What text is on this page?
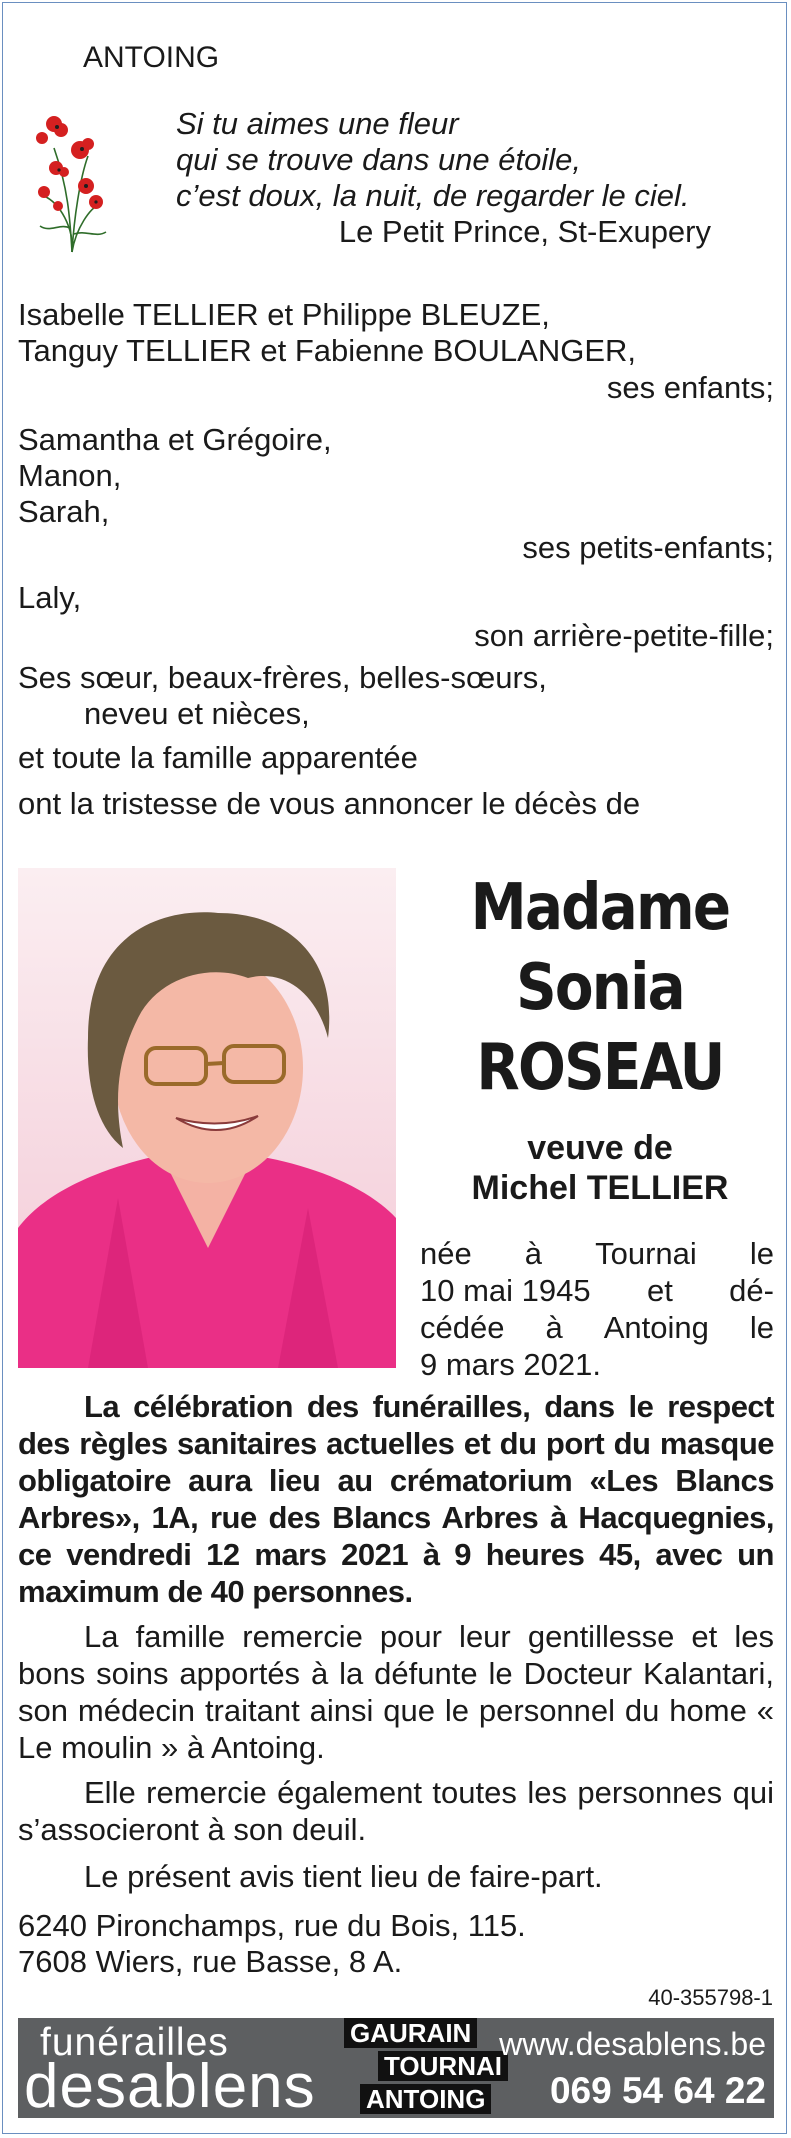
ANTOING
Si tu aimes une fleur
qui se trouve dans une étoile,
c’est doux, la nuit, de regarder le ciel.
Le Petit Prince, St-Exupery
Isabelle TELLIER et Philippe BLEUZE,
Tanguy TELLIER et Fabienne BOULANGER,
ses enfants;
Samantha et Grégoire,
Manon,
Sarah,
ses petits-enfants;
Laly,
son arrière-petite-fille;
Ses sœur, beaux-frères, belles-sœurs,
neveu et nièces,
et toute la famille apparentée
ont la tristesse de vous annoncer le décès de
Madame
Sonia
ROSEAU
veuve de
Michel TELLIER
née à Tournai le
10 mai 1945 et dé-
cédée à Antoing le
9 mars 2021.
La célébration des funérailles, dans le respect des règles sanitaires actuelles et du port du masque obligatoire aura lieu au crématorium «Les Blancs Arbres», 1A, rue des Blancs Arbres à Hacquegnies, ce vendredi 12 mars 2021 à 9 heures 45, avec un maximum de 40 personnes.
La famille remercie pour leur gentillesse et les bons soins apportés à la défunte le Docteur Kalantari, son médecin traitant ainsi que le personnel du home « Le moulin » à Antoing.
Elle remercie également toutes les personnes qui s’associeront à son deuil.
Le présent avis tient lieu de faire-part.
6240 Pironchamps, rue du Bois, 115.
7608 Wiers, rue Basse, 8 A.
40-355798-1
funérailles
desablens
GAURAIN
TOURNAI
ANTOING
www.desablens.be
069 54 64 22
